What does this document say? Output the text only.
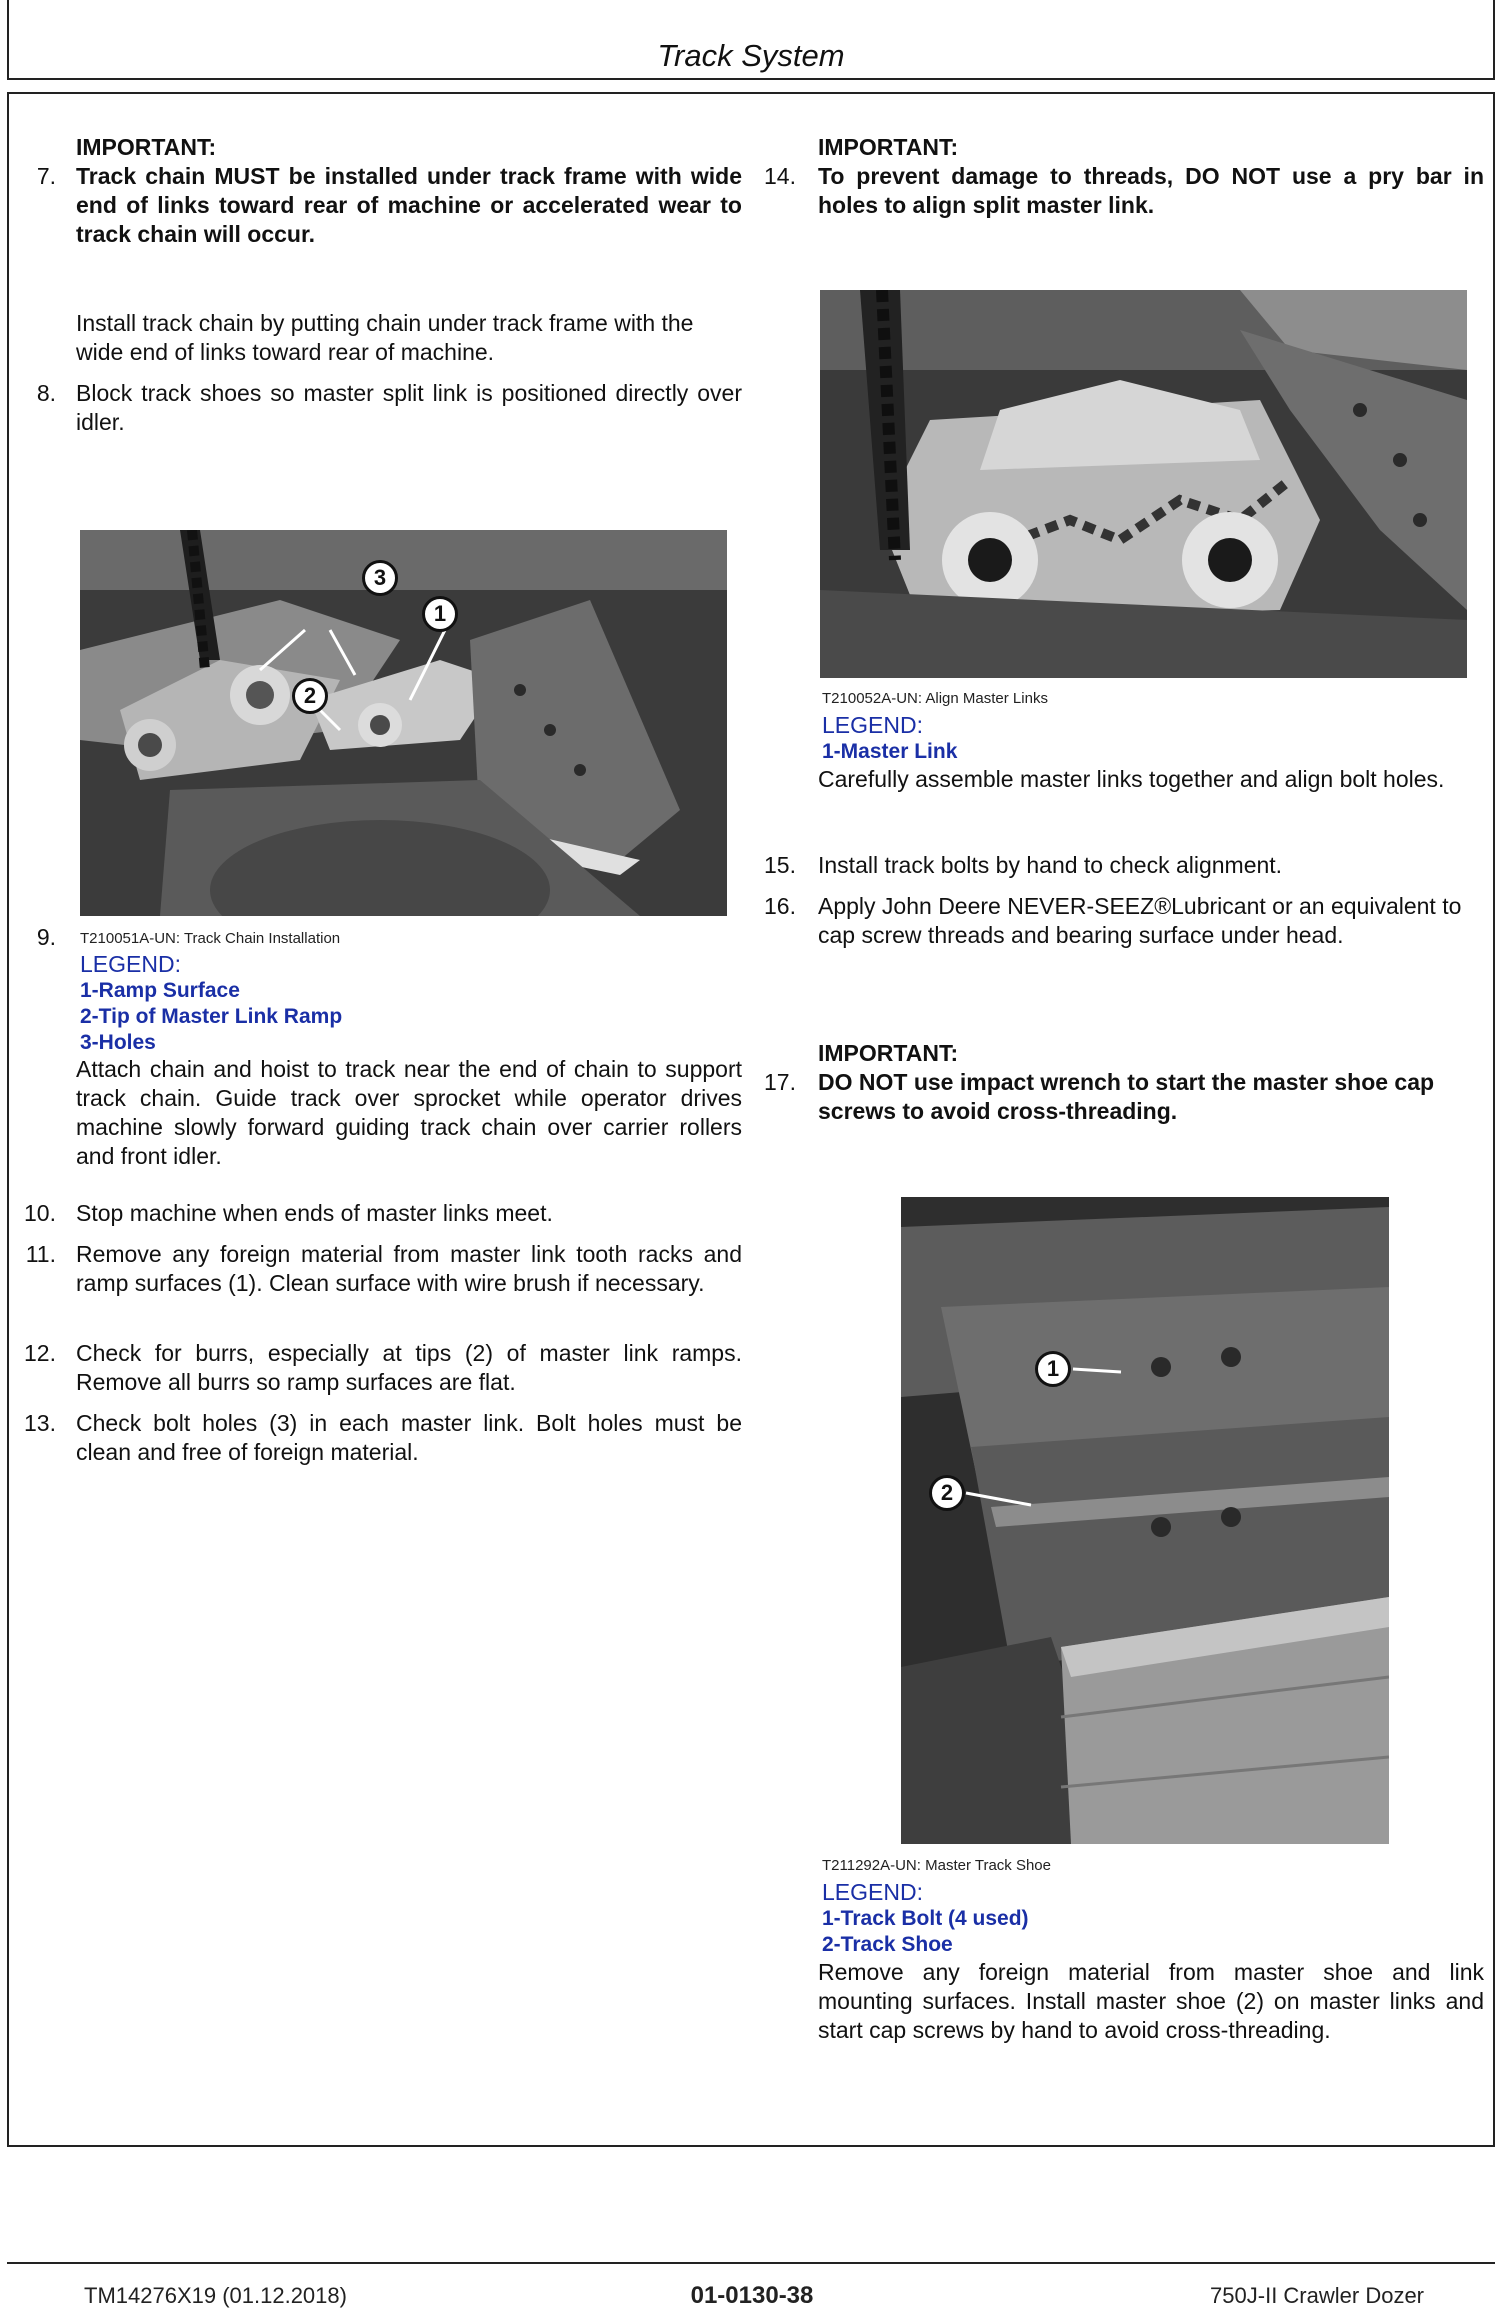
Track System
7.
IMPORTANT:
Track chain MUST be installed under track frame with wide end of links toward rear of machine or accelerated wear to track chain will occur.
Install track chain by putting chain under track frame with the wide end of links toward rear of machine.
8. Block track shoes so master split link is positioned directly over idler.
1
2
3
9. T210051A-UN: Track Chain Installation
LEGEND:
1-Ramp Surface
2-Tip of Master Link Ramp
3-Holes
Attach chain and hoist to track near the end of chain to support track chain. Guide track over sprocket while operator drives machine slowly forward guiding track chain over carrier rollers and front idler.
10. Stop machine when ends of master links meet.
11. Remove any foreign material from master link tooth racks and ramp surfaces (1). Clean surface with wire brush if necessary.
12. Check for burrs, especially at tips (2) of master link ramps. Remove all burrs so ramp surfaces are flat.
13. Check bolt holes (3) in each master link. Bolt holes must be clean and free of foreign material.
14.
IMPORTANT:
To prevent damage to threads, DO NOT use a pry bar in holes to align split master link.
T210052A-UN: Align Master Links
LEGEND:
1-Master Link
Carefully assemble master links together and align bolt holes.
15. Install track bolts by hand to check alignment.
16. Apply John Deere NEVER-SEEZ®Lubricant or an equivalent to cap screw threads and bearing surface under head.
17.
IMPORTANT:
DO NOT use impact wrench to start the master shoe cap screws to avoid cross-threading.
1
2
T211292A-UN: Master Track Shoe
LEGEND:
1-Track Bolt (4 used)
2-Track Shoe
Remove any foreign material from master shoe and link mounting surfaces. Install master shoe (2) on master links and start cap screws by hand to avoid cross-threading.
TM14276X19 (01.12.2018)	01-0130-38	750J-II Crawler Dozer
